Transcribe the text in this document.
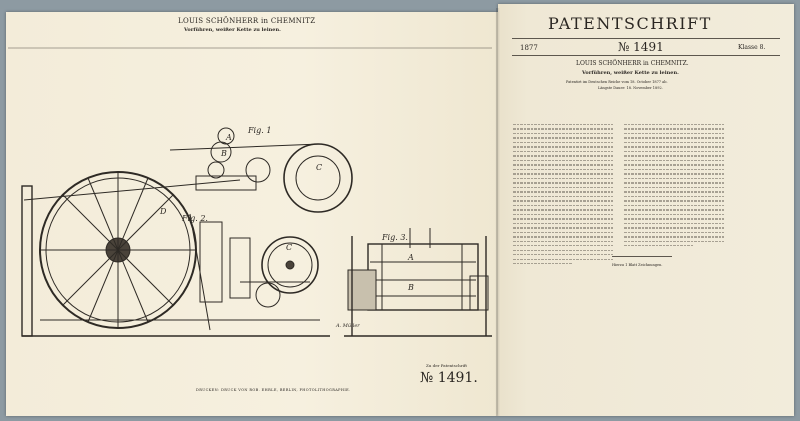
A
B
C
D
C
A
B
LOUIS SCHÖNHERR in CHEMNITZ
Vorführen, weißer Kette zu leinen.
Fig. 1
Fig. 2.
Fig. 3.
A. Müller
Zu der Patentschrift
№ 1491.
DRUCKEN: DRUCK VON ROB. EHRLE, BERLIN, PHOTOLITHOGRAPHIE.
PATENTSCHRIFT
1877	№ 1491	Klasse 8.
LOUIS SCHÖNHERR in CHEMNITZ.
Vorführen, weißer Kette zu leinen.
Patentirt im Deutschen Reiche vom 18. October 1877 ab.
Längste Dauer: 18. November 1892.
Hierzu 1 Blatt Zeichnungen.
